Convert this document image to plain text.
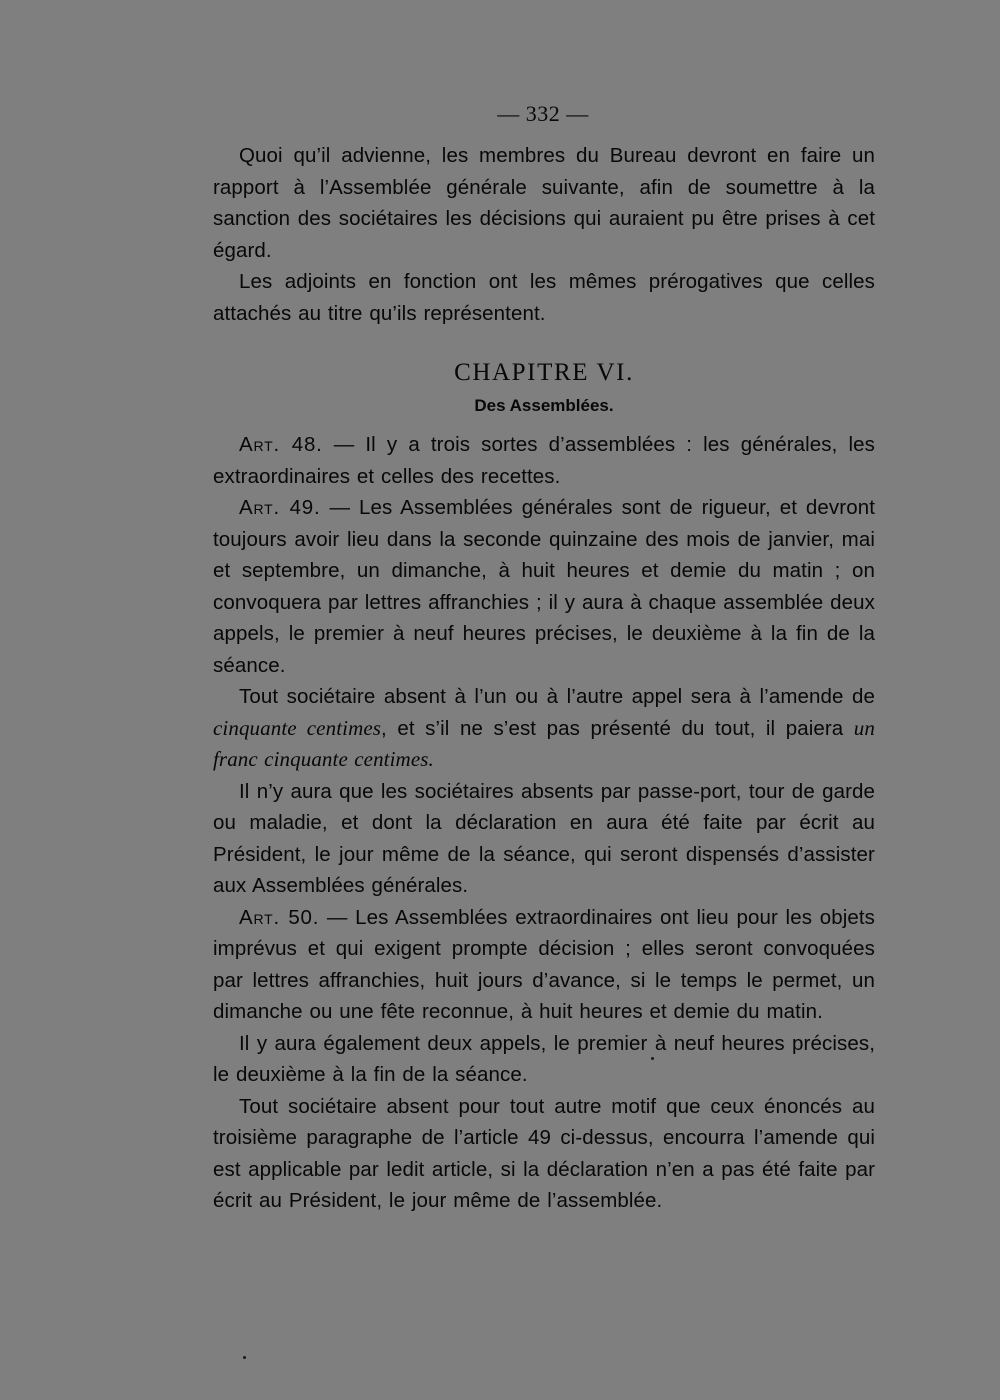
— 332 —

Quoi qu’il advienne, les membres du Bureau devront en faire un rapport à l’Assemblée générale suivante, afin de soumettre à la sanction des sociétaires les décisions qui auraient pu être prises à cet égard.

Les adjoints en fonction ont les mêmes prérogatives que celles attachés au titre qu’ils représentent.

CHAPITRE VI.
Des Assemblées.

Art. 48. — Il y a trois sortes d’assemblées : les générales, les extraordinaires et celles des recettes.

Art. 49. — Les Assemblées générales sont de rigueur, et devront toujours avoir lieu dans la seconde quinzaine des mois de janvier, mai et septembre, un dimanche, à huit heures et demie du matin ; on convoquera par lettres affranchies ; il y aura à chaque assemblée deux appels, le premier à neuf heures précises, le deuxième à la fin de la séance.

Tout sociétaire absent à l’un ou à l’autre appel sera à l’amende de cinquante centimes, et s’il ne s’est pas présenté du tout, il paiera un franc cinquante centimes.

Il n’y aura que les sociétaires absents par passe-port, tour de garde ou maladie, et dont la déclaration en aura été faite par écrit au Président, le jour même de la séance, qui seront dispensés d’assister aux Assemblées générales.

Art. 50. — Les Assemblées extraordinaires ont lieu pour les objets imprévus et qui exigent prompte décision ; elles seront convoquées par lettres affranchies, huit jours d’avance, si le temps le permet, un dimanche ou une fête reconnue, à huit heures et demie du matin.

Il y aura également deux appels, le premier à neuf heures précises, le deuxième à la fin de la séance.

Tout sociétaire absent pour tout autre motif que ceux énoncés au troisième paragraphe de l’article 49 ci-dessus, encourra l’amende qui est applicable par ledit article, si la déclaration n’en a pas été faite par écrit au Président, le jour même de l’assemblée.
